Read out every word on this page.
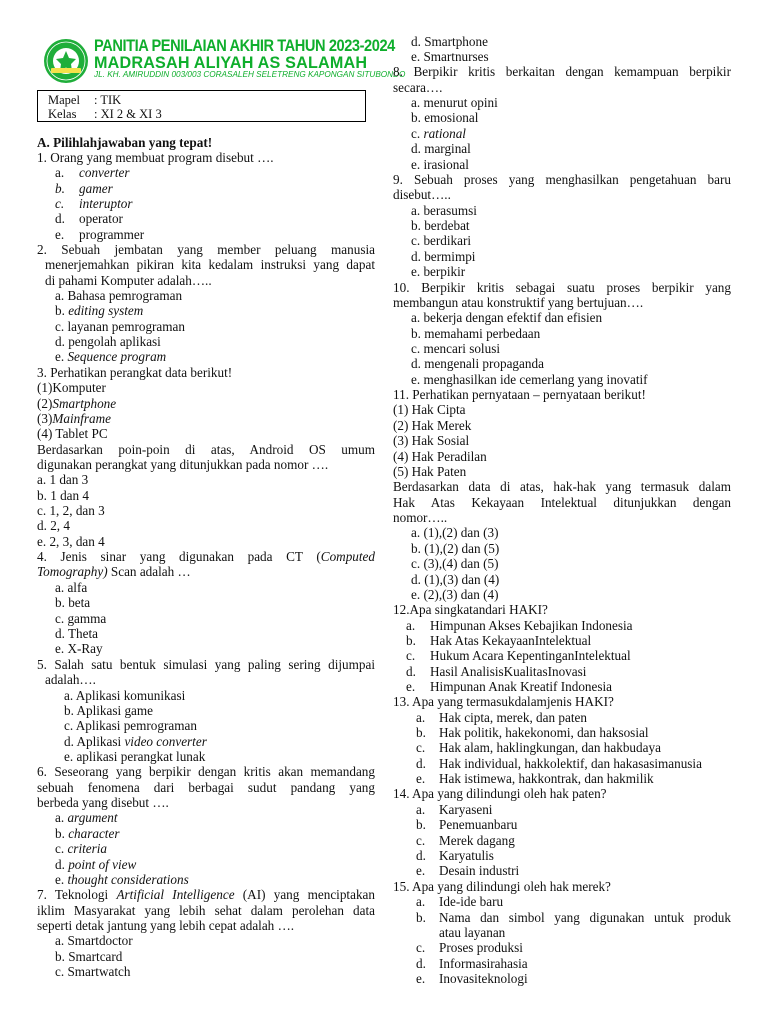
PANITIA PENILAIAN AKHIR TAHUN 2023-2024
MADRASAH ALIYAH AS SALAMAH
JL. KH. AMIRUDDIN 003/003 CORASALEH SELETRENG KAPONGAN SITUBONDO
Mapel : TIK
Kelas : XI 2 & XI 3
A. Pilihlahjawaban yang tepat!
1. Orang yang membuat program disebut ….
a. converter
b. gamer
c. interuptor
d. operator
e. programmer
2. Sebuah jembatan yang member peluang manusia
menerjemahkan pikiran kita kedalam instruksi yang dapat
di pahami Komputer adalah…..
a. Bahasa pemrograman
b. editing system
c. layanan pemrograman
d. pengolah aplikasi
e. Sequence program
3. Perhatikan perangkat data berikut!
(1)Komputer
(2)Smartphone
(3)Mainframe
(4) Tablet PC
Berdasarkan poin-poin di atas, Android OS umum
digunakan perangkat yang ditunjukkan pada nomor ….
a. 1 dan 3
b. 1 dan 4
c. 1, 2, dan 3
d. 2, 4
e. 2, 3, dan 4
4. Jenis sinar yang digunakan pada CT (Computed
Tomography) Scan adalah …
a. alfa
b. beta
c. gamma
d. Theta
e. X-Ray
5. Salah satu bentuk simulasi yang paling sering dijumpai
adalah….
a. Aplikasi komunikasi
b. Aplikasi game
c. Aplikasi pemrograman
d. Aplikasi video converter
e. aplikasi perangkat lunak
6. Seseorang yang berpikir dengan kritis akan memandang
sebuah fenomena dari berbagai sudut pandang yang
berbeda yang disebut ….
a. argument
b. character
c. criteria
d. point of view
e. thought considerations
7. Teknologi Artificial Intelligence (AI) yang menciptakan
iklim Masyarakat yang lebih sehat dalam perolehan data
seperti detak jantung yang lebih cepat adalah ….
a. Smartdoctor
b. Smartcard
c. Smartwatch
d. Smartphone
e. Smartnurses
8. Berpikir kritis berkaitan dengan kemampuan berpikir
secara….
a. menurut opini
b. emosional
c. rational
d. marginal
e. irasional
9. Sebuah proses yang menghasilkan pengetahuan baru
disebut…..
a. berasumsi
b. berdebat
c. berdikari
d. bermimpi
e. berpikir
10. Berpikir kritis sebagai suatu proses berpikir yang
membangun atau konstruktif yang bertujuan….
a. bekerja dengan efektif dan efisien
b. memahami perbedaan
c. mencari solusi
d. mengenali propaganda
e. menghasilkan ide cemerlang yang inovatif
11. Perhatikan pernyataan – pernyataan berikut!
(1) Hak Cipta
(2) Hak Merek
(3) Hak Sosial
(4) Hak Peradilan
(5) Hak Paten
Berdasarkan data di atas, hak-hak yang termasuk dalam
Hak Atas Kekayaan Intelektual ditunjukkan dengan
nomor…..
a. (1),(2) dan (3)
b. (1),(2) dan (5)
c. (3),(4) dan (5)
d. (1),(3) dan (4)
e. (2),(3) dan (4)
12.Apa singkatandari HAKI?
a. Himpunan Akses Kebajikan Indonesia
b. Hak Atas KekayaanIntelektual
c. Hukum Acara KepentinganIntelektual
d. Hasil AnalisisKualitasInovasi
e. Himpunan Anak Kreatif Indonesia
13. Apa yang termasukdalamjenis HAKI?
a. Hak cipta, merek, dan paten
b. Hak politik, hakekonomi, dan haksosial
c. Hak alam, haklingkungan, dan hakbudaya
d. Hak individual, hakkolektif, dan hakasasimanusia
e. Hak istimewa, hakkontrak, dan hakmilik
14. Apa yang dilindungi oleh hak paten?
a. Karyaseni
b. Penemuanbaru
c. Merek dagang
d. Karyatulis
e. Desain industri
15. Apa yang dilindungi oleh hak merek?
a. Ide-ide baru
b. Nama dan simbol yang digunakan untuk produk
atau layanan
c. Proses produksi
d. Informasirahasia
e. Inovasiteknologi
